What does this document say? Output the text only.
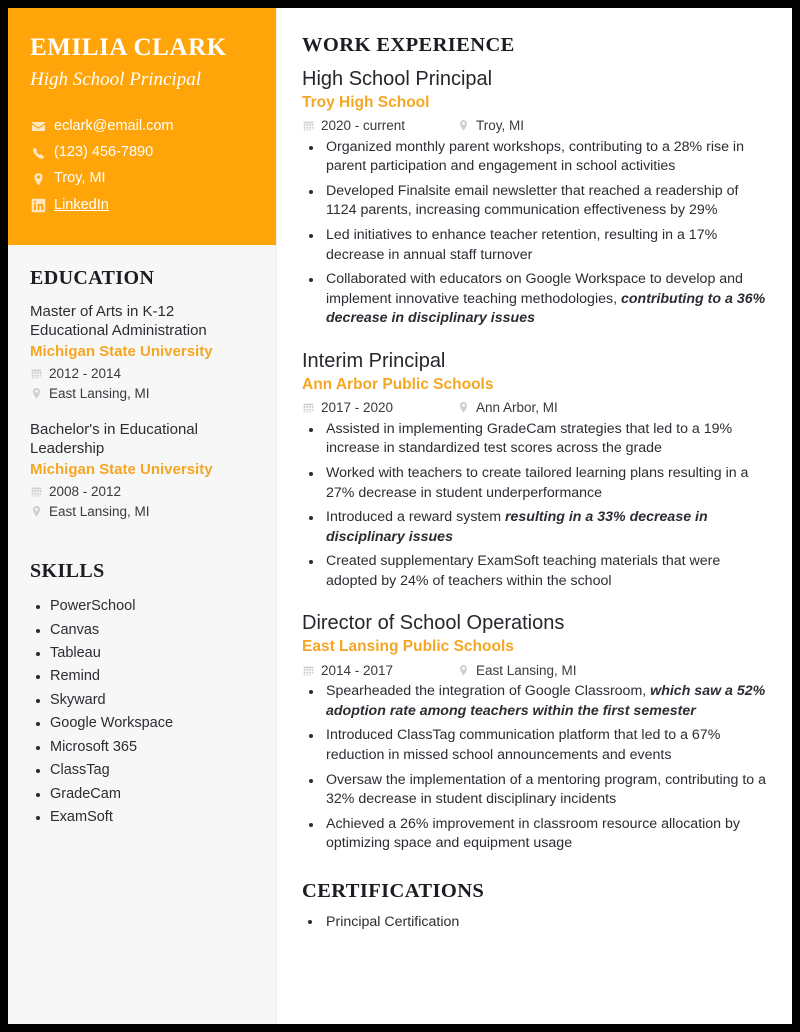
EMILIA CLARK
High School Principal
eclark@email.com
(123) 456-7890
Troy, MI
LinkedIn
EDUCATION
Master of Arts in K-12 Educational Administration
Michigan State University
2012 - 2014
East Lansing, MI
Bachelor's in Educational Leadership
Michigan State University
2008 - 2012
East Lansing, MI
SKILLS
• PowerSchool
• Canvas
• Tableau
• Remind
• Skyward
• Google Workspace
• Microsoft 365
• ClassTag
• GradeCam
• ExamSoft
WORK EXPERIENCE
High School Principal
Troy High School
2020 - current	Troy, MI
• Organized monthly parent workshops, contributing to a 28% rise in parent participation and engagement in school activities
• Developed Finalsite email newsletter that reached a readership of 1124 parents, increasing communication effectiveness by 29%
• Led initiatives to enhance teacher retention, resulting in a 17% decrease in annual staff turnover
• Collaborated with educators on Google Workspace to develop and implement innovative teaching methodologies, contributing to a 36% decrease in disciplinary issues
Interim Principal
Ann Arbor Public Schools
2017 - 2020	Ann Arbor, MI
• Assisted in implementing GradeCam strategies that led to a 19% increase in standardized test scores across the grade
• Worked with teachers to create tailored learning plans resulting in a 27% decrease in student underperformance
• Introduced a reward system resulting in a 33% decrease in disciplinary issues
• Created supplementary ExamSoft teaching materials that were adopted by 24% of teachers within the school
Director of School Operations
East Lansing Public Schools
2014 - 2017	East Lansing, MI
• Spearheaded the integration of Google Classroom, which saw a 52% adoption rate among teachers within the first semester
• Introduced ClassTag communication platform that led to a 67% reduction in missed school announcements and events
• Oversaw the implementation of a mentoring program, contributing to a 32% decrease in student disciplinary incidents
• Achieved a 26% improvement in classroom resource allocation by optimizing space and equipment usage
CERTIFICATIONS
• Principal Certification
